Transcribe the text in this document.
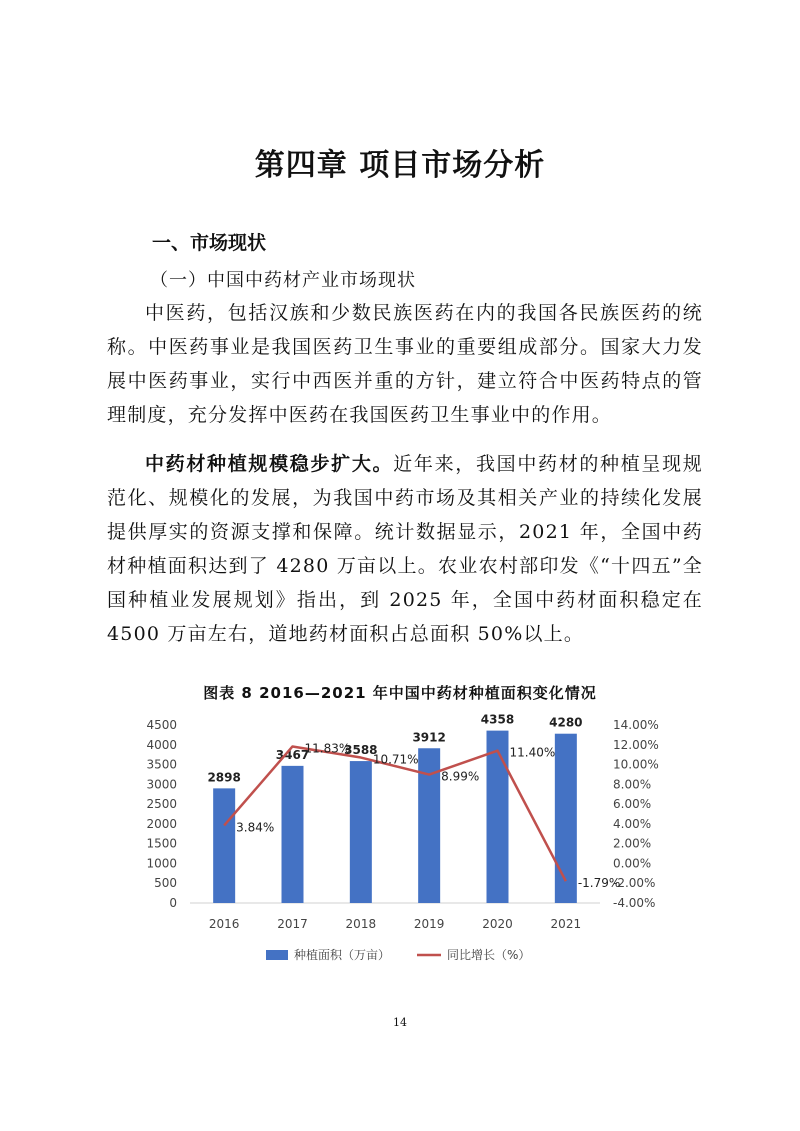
第四章 项目市场分析
一、市场现状
（一）中国中药材产业市场现状

中医药，包括汉族和少数民族医药在内的我国各民族医药的统称。中医药事业是我国医药卫生事业的重要组成部分。国家大力发展中医药事业，实行中西医并重的方针，建立符合中医药特点的管理制度，充分发挥中医药在我国医药卫生事业中的作用。

中药材种植规模稳步扩大。近年来，我国中药材的种植呈现规范化、规模化的发展，为我国中药市场及其相关产业的持续化发展提供厚实的资源支撑和保障。统计数据显示，2021 年，全国中药材种植面积达到了 4280 万亩以上。农业农村部印发《“十四五”全国种植业发展规划》指出，到 2025 年，全国中药材面积稳定在 4500 万亩左右，道地药材面积占总面积 50%以上。

图表 8 2016—2021 年中国中药材种植面积变化情况
0
500
1000
1500
2000
2500
3000
3500
4000
4500
-4.00%
-2.00%
0.00%
2.00%
4.00%
6.00%
8.00%
10.00%
12.00%
14.00%
2898
3467	3588
3912
4358	4280
2016	2017	2018	2019	2020	2021
3.84%
11.83%
10.71%
8.99%
11.40%
-1.79%
种植面积（万亩）	同比增长（%）
14
